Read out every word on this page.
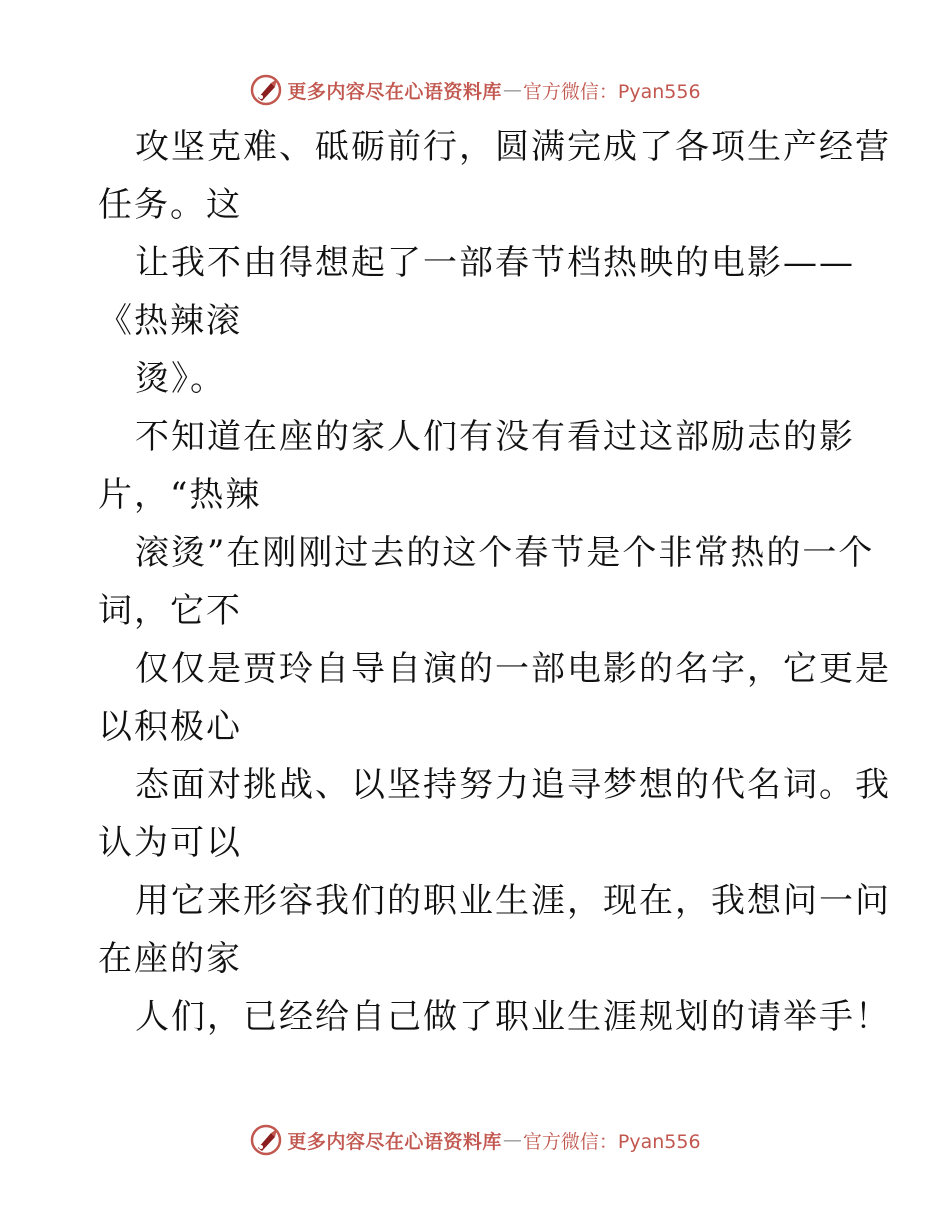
更多内容尽在心语资料库 — 官方微信：Pyan556
攻坚克难、砥砺前行，圆满完成了各项生产经营
任务。这
让我不由得想起了一部春节档热映的电影——
《热辣滚
烫》。
不知道在座的家人们有没有看过这部励志的影
片，“热辣
滚烫”在刚刚过去的这个春节是个非常热的一个
词，它不
仅仅是贾玲自导自演的一部电影的名字，它更是
以积极心
态面对挑战、以坚持努力追寻梦想的代名词。我
认为可以
用它来形容我们的职业生涯，现在，我想问一问
在座的家
人们，已经给自己做了职业生涯规划的请举手！
更多内容尽在心语资料库 — 官方微信：Pyan556
